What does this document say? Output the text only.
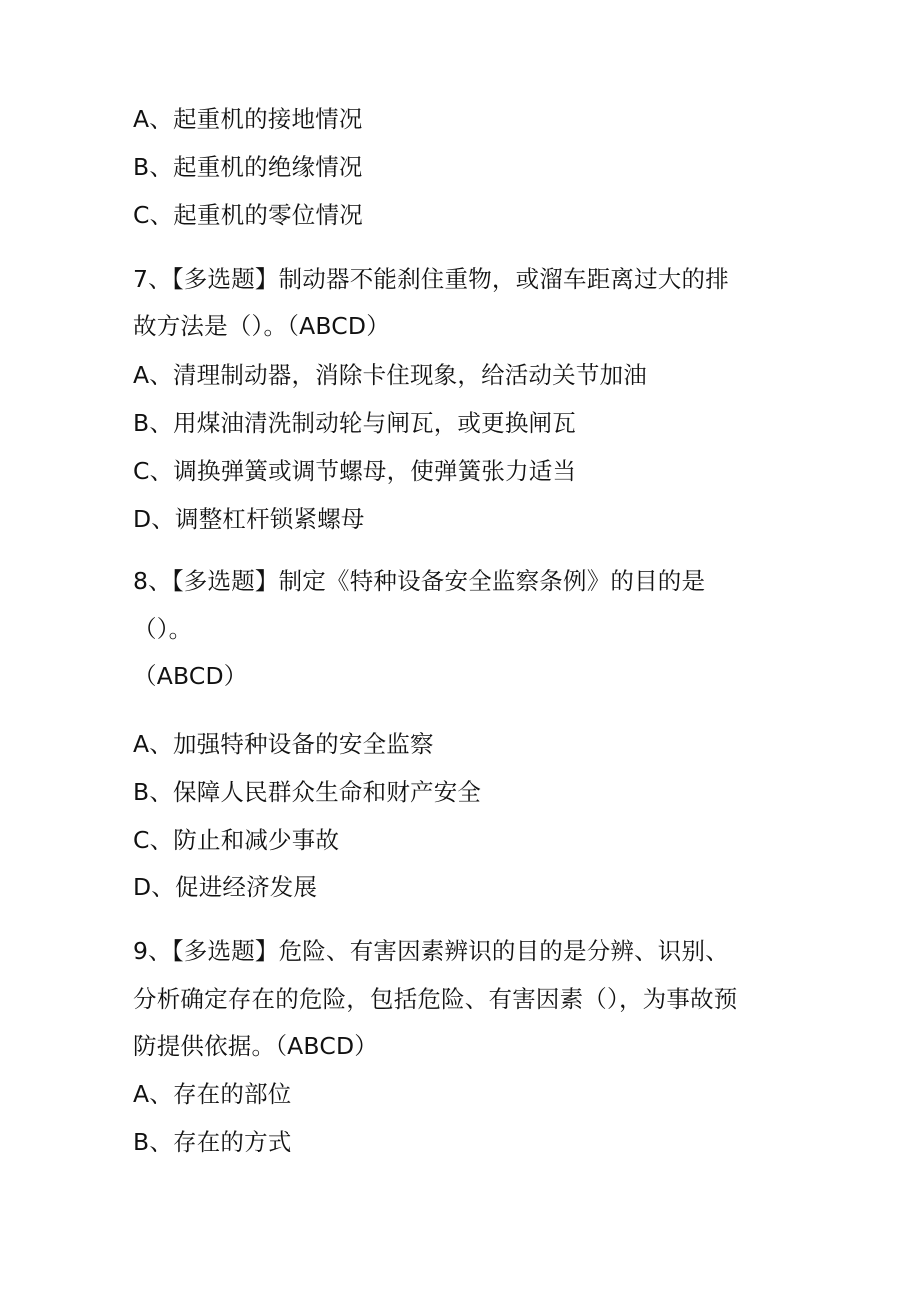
A、起重机的接地情况
B、起重机的绝缘情况
C、起重机的零位情况
7、【多选题】制动器不能刹住重物，或溜车距离过大的排
故方法是（）。（ABCD）
A、清理制动器，消除卡住现象，给活动关节加油
B、用煤油清洗制动轮与闸瓦，或更换闸瓦
C、调换弹簧或调节螺母，使弹簧张力适当
D、调整杠杆锁紧螺母
8、【多选题】制定《特种设备安全监察条例》的目的是
（）。
（ABCD）
A、加强特种设备的安全监察
B、保障人民群众生命和财产安全
C、防止和减少事故
D、促进经济发展
9、【多选题】危险、有害因素辨识的目的是分辨、识别、
分析确定存在的危险，包括危险、有害因素（），为事故预
防提供依据。（ABCD）
A、存在的部位
B、存在的方式
